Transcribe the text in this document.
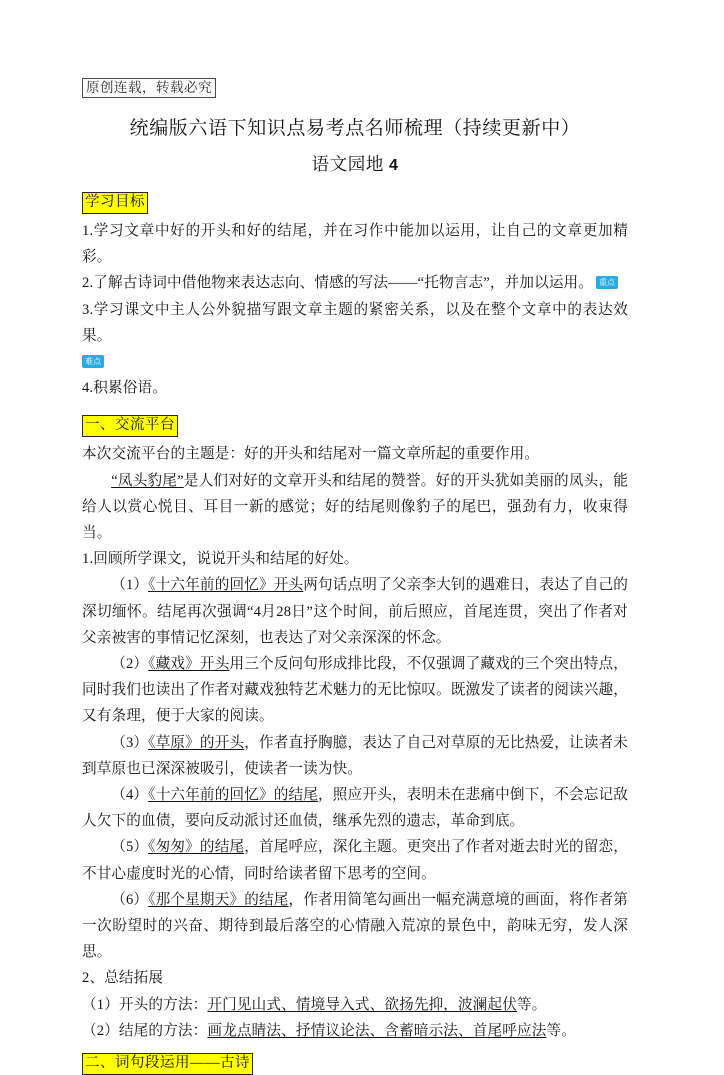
原创连载，转载必究
统编版六语下知识点易考点名师梳理（持续更新中）
语文园地 4
学习目标

1.学习文章中好的开头和好的结尾，并在习作中能加以运用，让自己的文章更加精彩。

2.了解古诗词中借他物来表达志向、情感的写法——“托物言志”，并加以运用。 重点

3.学习课文中主人公外貌描写跟文章主题的紧密关系，以及在整个文章中的表达效果。

难点

4.积累俗语。

一、交流平台

本次交流平台的主题是：好的开头和结尾对一篇文章所起的重要作用。

“凤头豹尾”是人们对好的文章开头和结尾的赞誉。好的开头犹如美丽的凤头，能给人以赏心悦目、耳目一新的感觉；好的结尾则像豹子的尾巴，强劲有力，收束得当。

1.回顾所学课文，说说开头和结尾的好处。

（1）《十六年前的回忆》开头两句话点明了父亲李大钊的遇难日，表达了自己的深切缅怀。结尾再次强调“4月28日”这个时间，前后照应，首尾连贯，突出了作者对父亲被害的事情记忆深刻，也表达了对父亲深深的怀念。

（2）《藏戏》开头用三个反问句形成排比段，不仅强调了藏戏的三个突出特点，同时我们也读出了作者对藏戏独特艺术魅力的无比惊叹。既激发了读者的阅读兴趣，又有条理，便于大家的阅读。

（3）《草原》的开头，作者直抒胸臆，表达了自己对草原的无比热爱，让读者未到草原也已深深被吸引，使读者一读为快。

（4）《十六年前的回忆》的结尾，照应开头，表明未在悲痛中倒下，不会忘记敌人欠下的血债，要向反动派讨还血债，继承先烈的遗志，革命到底。

（5）《匆匆》的结尾，首尾呼应，深化主题。更突出了作者对逝去时光的留恋，不甘心虚度时光的心情，同时给读者留下思考的空间。

（6）《那个星期天》的结尾，作者用简笔勾画出一幅充满意境的画面，将作者第一次盼望时的兴奋、期待到最后落空的心情融入荒凉的景色中，韵味无穷，发人深思。

2、总结拓展

（1）开头的方法：开门见山式、情境导入式、欲扬先抑，波澜起伏等。

（2）结尾的方法：画龙点睛法、抒情议论法、含蓄暗示法、首尾呼应法等。

二、词句段运用——古诗
